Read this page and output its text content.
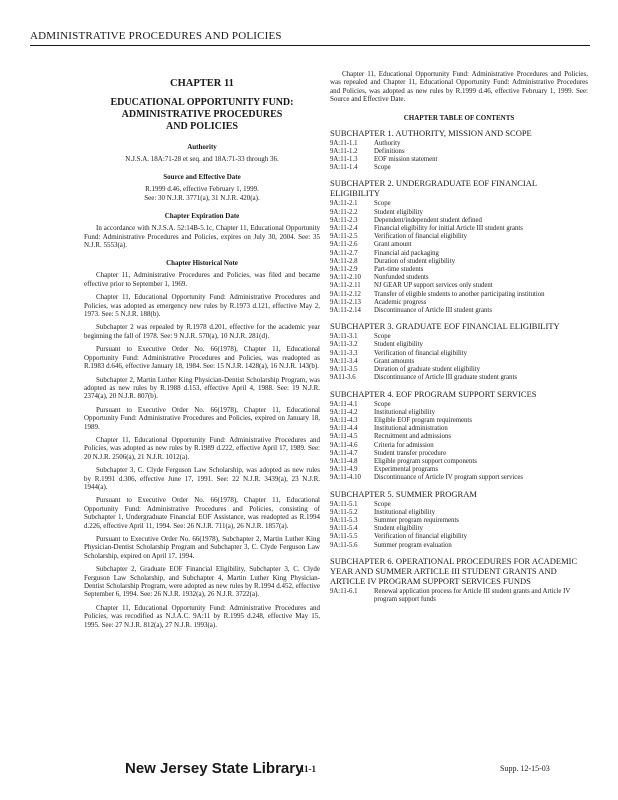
ADMINISTRATIVE PROCEDURES AND POLICIES
CHAPTER 11
EDUCATIONAL OPPORTUNITY FUND:
ADMINISTRATIVE PROCEDURES
AND POLICIES
Authority
N.J.S.A. 18A:71-28 et seq. and 18A:71-33 through 36.
Source and Effective Date
R.1999 d.46, effective February 1, 1999.
See: 30 N.J.R. 3771(a), 31 N.J.R. 420(a).
Chapter Expiration Date
In accordance with N.J.S.A. 52:14B-5.1c, Chapter 11, Educational Opportunity Fund: Administrative Procedures and Policies, expires on July 30, 2004. See: 35 N.J.R. 5553(a).
Chapter Historical Note
Chapter 11, Administrative Procedures and Policies, was filed and became effective prior to September 1, 1969.
Chapter 11, Educational Opportunity Fund: Administrative Procedures and Policies, was adopted as emergency new rules by R.1973 d.121, effective May 2, 1973. See: 5 N.J.R. 188(b).
Subchapter 2 was repealed by R.1978 d.201, effective for the academic year beginning the fall of 1978. See: 9 N.J.R. 570(a), 10 N.J.R. 281(d).
Pursuant to Executive Order No. 66(1978), Chapter 11, Educational Opportunity Fund: Administrative Procedures and Policies, was readopted as R.1983 d.646, effective January 18, 1984. See: 15 N.J.R. 1428(a), 16 N.J.R. 143(b).
Subchapter 2, Martin Luther King Physician-Dentist Scholarship Program, was adopted as new rules by R.1988 d.153, effective April 4, 1988. See: 19 N.J.R. 2374(a), 20 N.J.R. 807(b).
Pursuant to Executive Order No. 66(1978), Chapter 11, Educational Opportunity Fund: Administrative Procedures and Policies, expired on January 18, 1989.
Chapter 11, Educational Opportunity Fund: Administrative Procedures and Policies, was adopted as new rules by R.1989 d.222, effective April 17, 1989. See: 20 N.J.R. 2506(a), 21 N.J.R. 1012(a).
Subchapter 3, C. Clyde Ferguson Law Scholarship, was adopted as new rules by R.1991 d.306, effective June 17, 1991. See: 22 N.J.R. 3439(a), 23 N.J.R. 1944(a).
Pursuant to Executive Order No. 66(1978), Chapter 11, Educational Opportunity Fund: Administrative Procedures and Policies, consisting of Subchapter 1, Undergraduate Financial EOF Assistance, was readopted as R.1994 d.226, effective April 11, 1994. See: 26 N.J.R. 711(a), 26 N.J.R. 1857(a).
Pursuant to Executive Order No. 66(1978), Subchapter 2, Martin Luther King Physician-Dentist Scholarship Program and Subchapter 3, C. Clyde Ferguson Law Scholarship, expired on April 17, 1994.
Subchapter 2, Graduate EOF Financial Eligibility, Subchapter 3, C. Clyde Ferguson Law Scholarship, and Subchapter 4, Martin Luther King Physician-Dentist Scholarship Program, were adopted as new rules by R.1994 d.452, effective September 6, 1994. See: 26 N.J.R. 1932(a), 26 N.J.R. 3722(a).
Chapter 11, Educational Opportunity Fund: Administrative Procedures and Policies, was recodified as N.J.A.C. 9A:11 by R.1995 d.248, effective May 15, 1995. See: 27 N.J.R. 812(a), 27 N.J.R. 1993(a).
Chapter 11, Educational Opportunity Fund: Administrative Procedures and Policies, was repealed and Chapter 11, Educational Opportunity Fund: Administrative Procedures and Policies, was adopted as new rules by R.1999 d.46, effective February 1, 1999. See: Source and Effective Date.
CHAPTER TABLE OF CONTENTS
SUBCHAPTER 1. AUTHORITY, MISSION AND SCOPE
9A:11-1.1	Authority
9A:11-1.2	Definitions
9A:11-1.3	EOF mission statement
9A:11-1.4	Scope
SUBCHAPTER 2. UNDERGRADUATE EOF FINANCIAL ELIGIBILITY
9A:11-2.1	Scope
9A:11-2.2	Student eligibility
9A:11-2.3	Dependent/independent student defined
9A:11-2.4	Financial eligibility for initial Article III student grants
9A:11-2.5	Verification of financial eligibility
9A:11-2.6	Grant amount
9A:11-2.7	Financial aid packaging
9A:11-2.8	Duration of student eligibility
9A:11-2.9	Part-time students
9A:11-2.10	Nonfunded students
9A:11-2.11	NJ GEAR UP support services only student
9A:11-2.12	Transfer of eligible students to another participating institution
9A:11-2.13	Academic progress
9A:11-2.14	Discontinuance of Article III student grants
SUBCHAPTER 3. GRADUATE EOF FINANCIAL ELIGIBILITY
9A:11-3.1	Scope
9A:11-3.2	Student eligibility
9A:11-3.3	Verification of financial eligibility
9A:11-3.4	Grant amounts
9A:11-3.5	Duration of graduate student eligibility
9A11-3.6	Discontinuance of Article III graduate student grants
SUBCHAPTER 4. EOF PROGRAM SUPPORT SERVICES
9A:11-4.1	Scope
9A:11-4.2	Institutional eligibility
9A:11-4.3	Eligible EOF program requirements
9A:11-4.4	Institutional administration
9A:11-4.5	Recruitment and admissions
9A:11-4.6	Criteria for admission
9A:11-4.7	Student transfer procedure
9A:11-4.8	Eligible program support components
9A:11-4.9	Experimental programs
9A:11-4.10	Discontinuance of Article IV program support services
SUBCHAPTER 5. SUMMER PROGRAM
9A:11-5.1	Scope
9A:11-5.2	Institutional eligibility
9A:11-5.3	Summer program requirements
9A:11-5.4	Student eligibility
9A:11-5.5	Verification of financial eligibility
9A:11-5.6	Summer program evaluation
SUBCHAPTER 6. OPERATIONAL PROCEDURES FOR ACADEMIC YEAR AND SUMMER ARTICLE III STUDENT GRANTS AND ARTICLE IV PROGRAM SUPPORT SERVICES FUNDS
9A:11-6.1	Renewal application process for Article III student grants and Article IV program support funds
New Jersey State Library
11-1	Supp. 12-15-03
